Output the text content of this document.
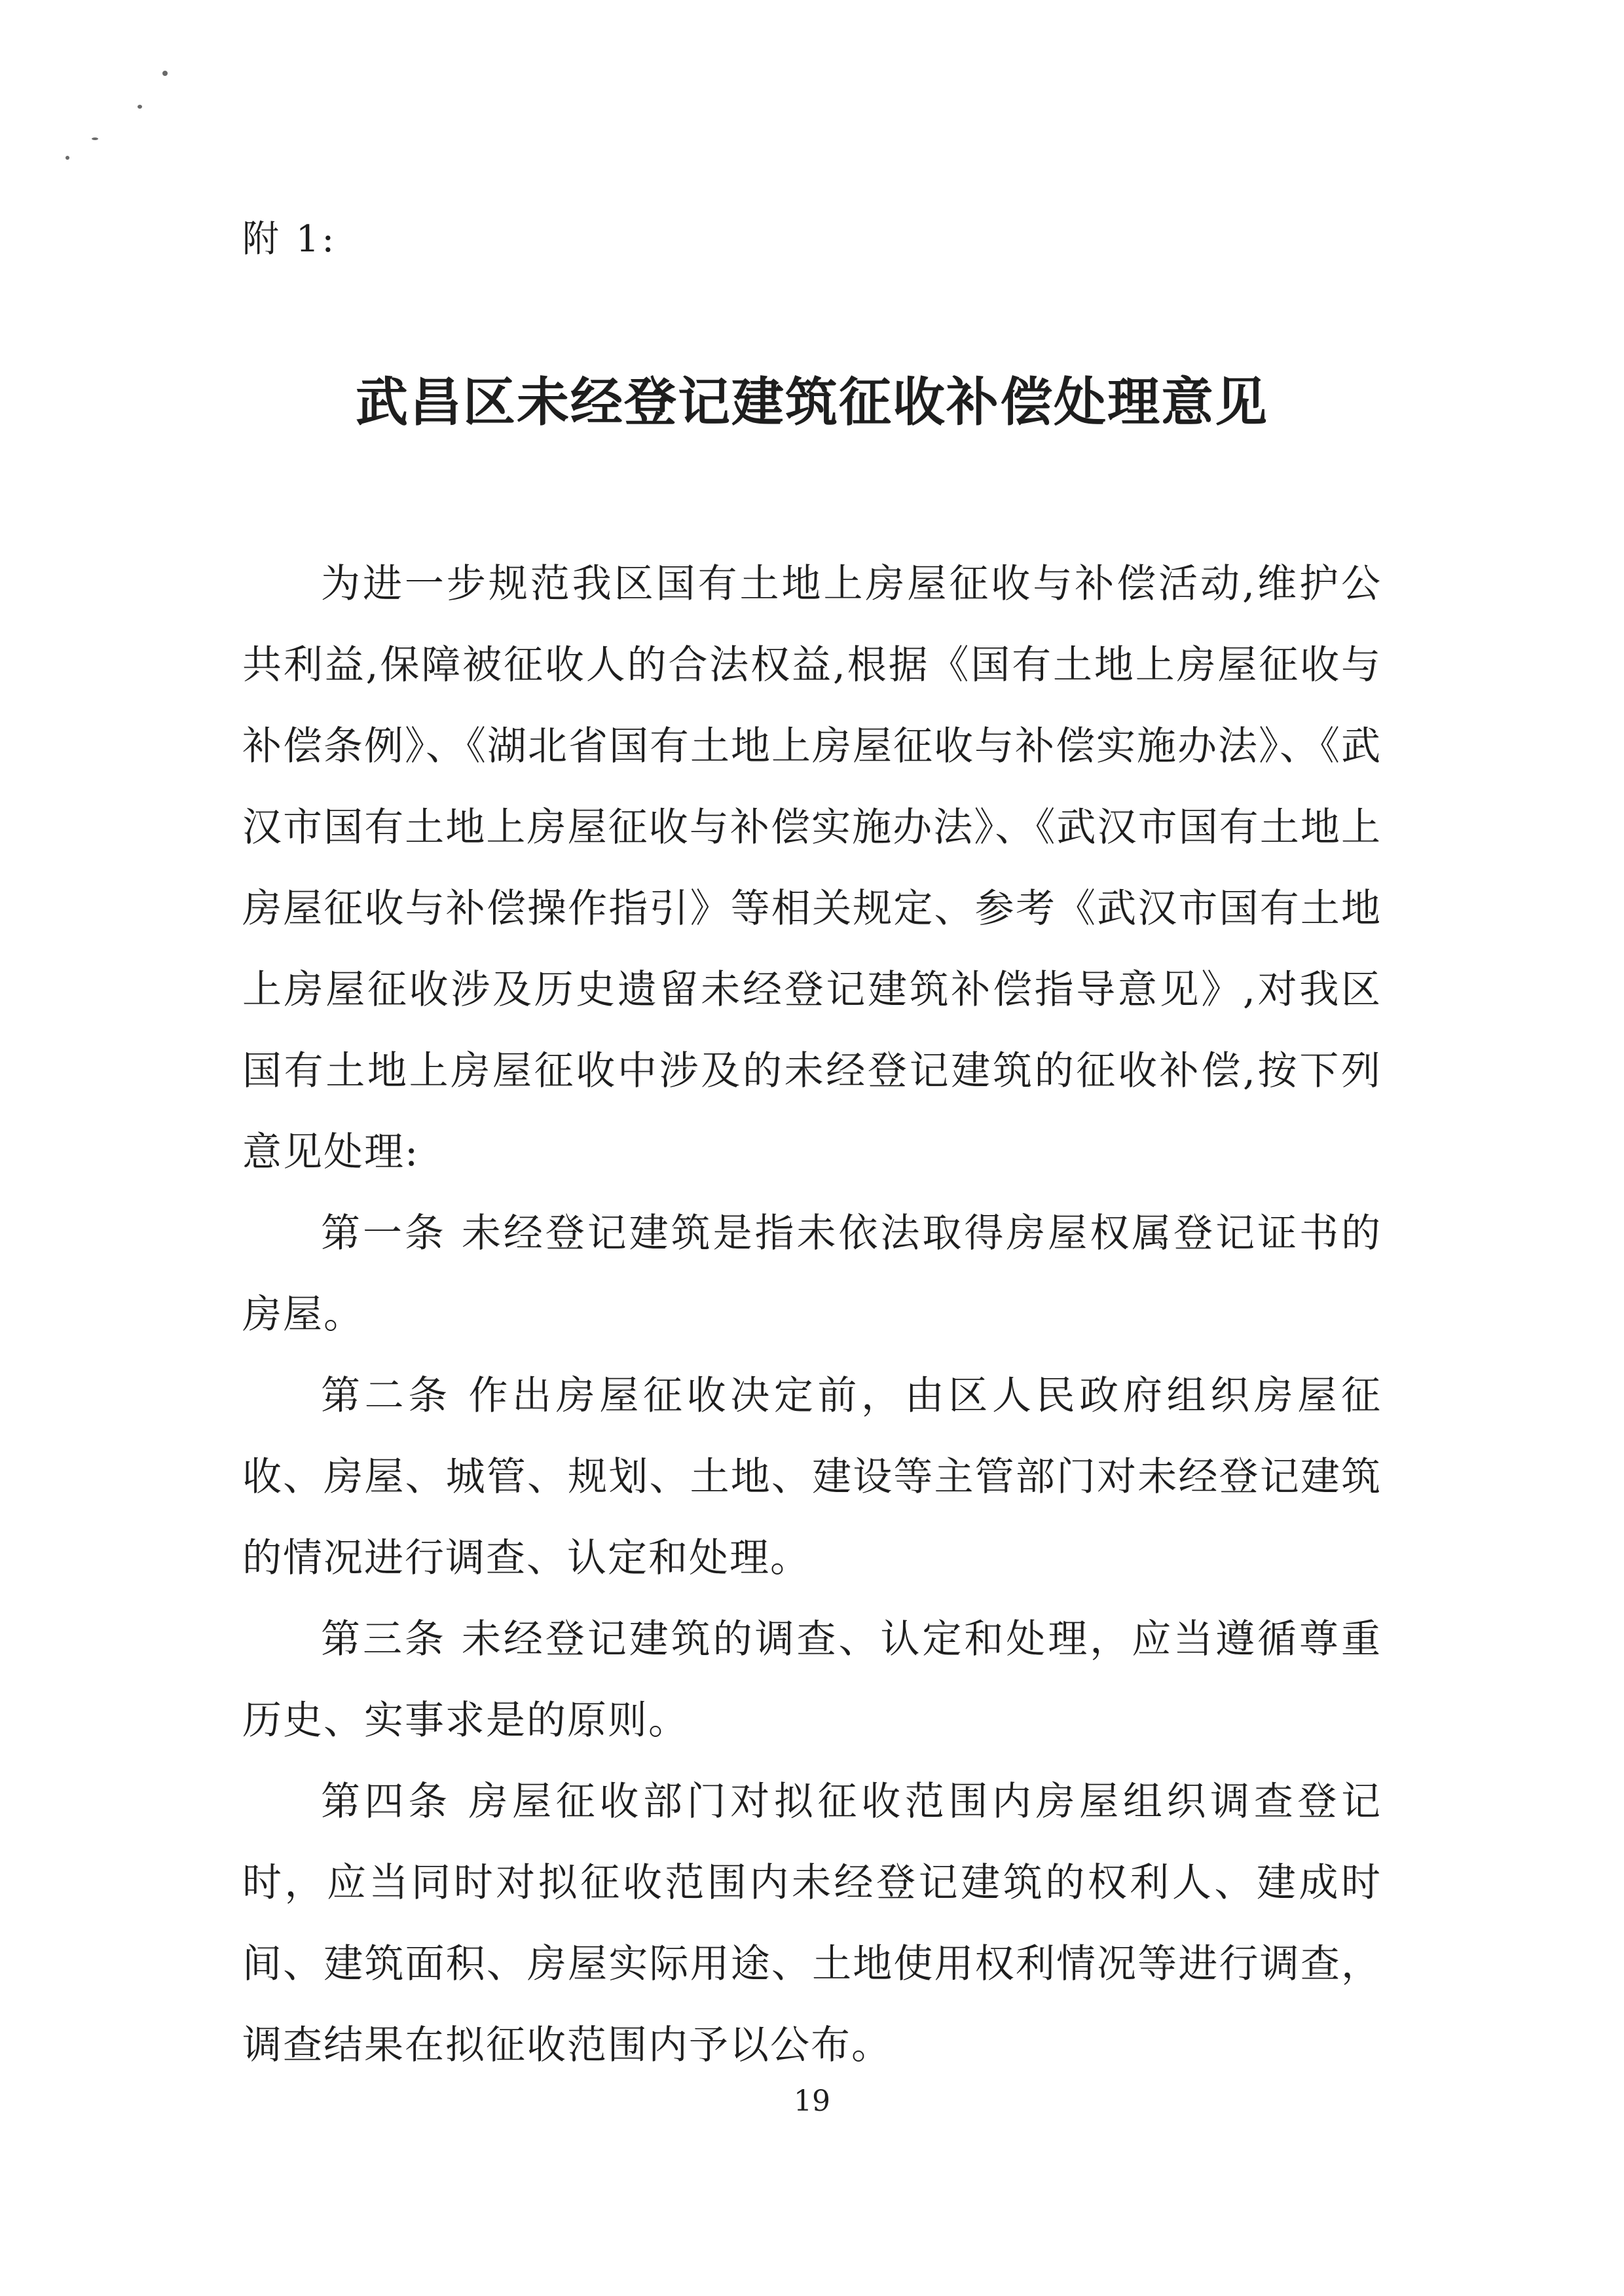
附 1:
武昌区未经登记建筑征收补偿处理意见

为进一步规范我区国有土地上房屋征收与补偿活动,维护公共利益,保障被征收人的合法权益,根据《国有土地上房屋征收与补偿条例》、《湖北省国有土地上房屋征收与补偿实施办法》、《武汉市国有土地上房屋征收与补偿实施办法》、《武汉市国有土地上房屋征收与补偿操作指引》等相关规定、参考《武汉市国有土地上房屋征收涉及历史遗留未经登记建筑补偿指导意见》,对我区国有土地上房屋征收中涉及的未经登记建筑的征收补偿,按下列意见处理:

第一条 未经登记建筑是指未依法取得房屋权属登记证书的房屋。

第二条 作出房屋征收决定前，由区人民政府组织房屋征收、房屋、城管、规划、土地、建设等主管部门对未经登记建筑的情况进行调查、认定和处理。

第三条 未经登记建筑的调查、认定和处理，应当遵循尊重历史、实事求是的原则。

第四条 房屋征收部门对拟征收范围内房屋组织调查登记时，应当同时对拟征收范围内未经登记建筑的权利人、建成时间、建筑面积、房屋实际用途、土地使用权利情况等进行调查，调查结果在拟征收范围内予以公布。

19
